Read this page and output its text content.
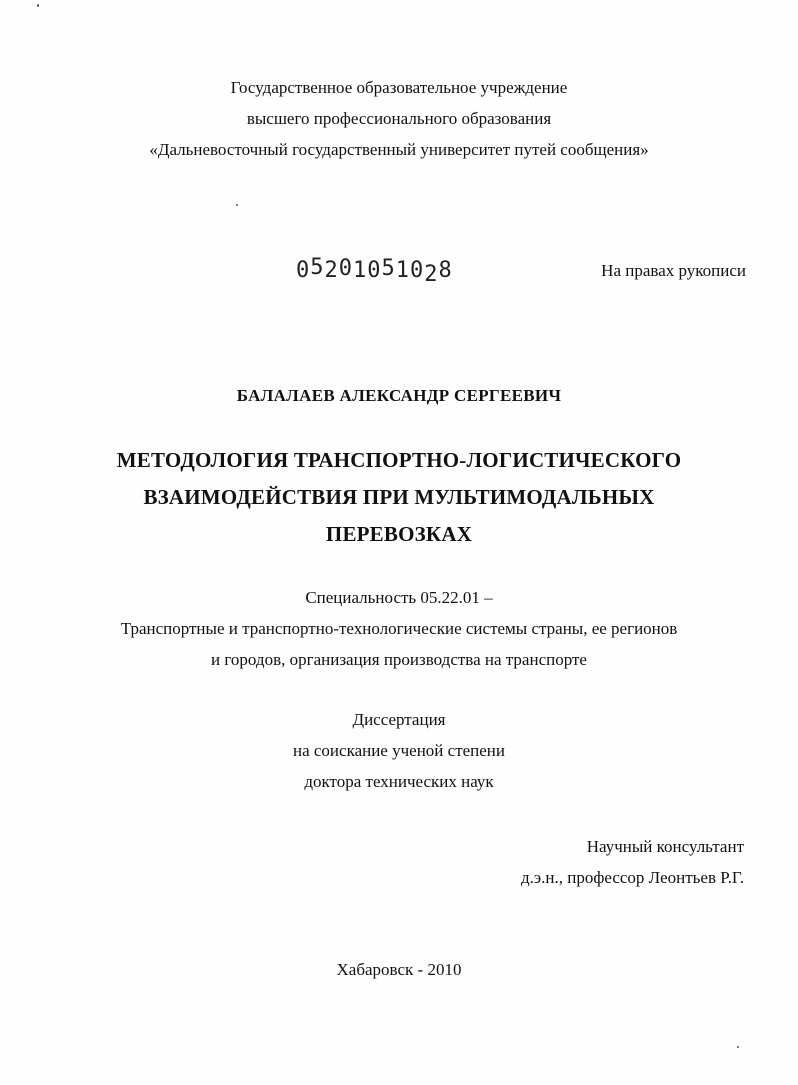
Государственное образовательное учреждение
высшего профессионального образования
«Дальневосточный государственный университет путей сообщения»
05201051028	На правах рукописи
БАЛАЛАЕВ АЛЕКСАНДР СЕРГЕЕВИЧ
МЕТОДОЛОГИЯ ТРАНСПОРТНО-ЛОГИСТИЧЕСКОГО
ВЗАИМОДЕЙСТВИЯ ПРИ МУЛЬТИМОДАЛЬНЫХ
ПЕРЕВОЗКАХ
Специальность 05.22.01 –
Транспортные и транспортно-технологические системы страны, ее регионов
и городов, организация производства на транспорте
Диссертация
на соискание ученой степени
доктора технических наук
Научный консультант
д.э.н., профессор Леонтьев Р.Г.
Хабаровск - 2010
